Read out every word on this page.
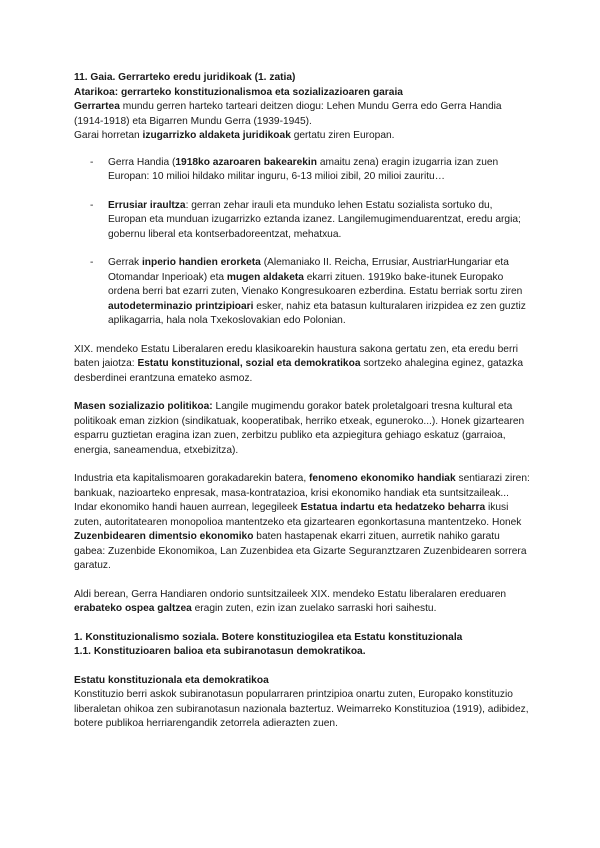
11. Gaia. Gerrarteko eredu juridikoak (1. zatia)

Atarikoa: gerrarteko konstituzionalismoa eta sozializazioaren garaia

Gerrartea mundu gerren harteko tarteari deitzen diogu: Lehen Mundu Gerra edo Gerra Handia (1914-1918) eta Bigarren Mundu Gerra (1939-1945).

Garai horretan izugarrizko aldaketa juridikoak gertatu ziren Europan.

- Gerra Handia (1918ko azaroaren bakearekin amaitu zena) eragin izugarria izan zuen Europan: 10 milioi hildako militar inguru, 6-13 milioi zibil, 20 milioi zauritu…
- Errusiar iraultza: gerran zehar irauli eta munduko lehen Estatu sozialista sortuko du, Europan eta munduan izugarrizko eztanda izanez. Langilemugimenduarentzat, eredu argia; gobernu liberal eta kontserbadoreentzat, mehatxua.
- Gerrak inperio handien erorketa (Alemaniako II. Reicha, Errusiar, AustriarHungariar eta Otomandar Inperioak) eta mugen aldaketa ekarri zituen. 1919ko bake-itunek Europako ordena berri bat ezarri zuten, Vienako Kongresukoaren ezberdina. Estatu berriak sortu ziren autodeterminazio printzipioari esker, nahiz eta batasun kulturalaren irizpidea ez zen guztiz aplikagarria, hala nola Txekoslovakian edo Polonian.

XIX. mendeko Estatu Liberalaren eredu klasikoarekin haustura sakona gertatu zen, eta eredu berri baten jaiotza: Estatu konstituzional, sozial eta demokratikoa sortzeko ahalegina eginez, gatazka desberdinei erantzuna emateko asmoz.

Masen sozializazio politikoa: Langile mugimendu gorakor batek proletalgoari tresna kultural eta politikoak eman zizkion (sindikatuak, kooperatibak, herriko etxeak, eguneroko...). Honek gizartearen esparru guztietan eragina izan zuen, zerbitzu publiko eta azpiegitura gehiago eskatuz (garraioa, energia, saneamendua, etxebizitza).

Industria eta kapitalismoaren gorakadarekin batera, fenomeno ekonomiko handiak sentiarazi ziren: bankuak, nazioarteko enpresak, masa-kontratazioa, krisi ekonomiko handiak eta suntsitzaileak... Indar ekonomiko handi hauen aurrean, legegileek Estatua indartu eta hedatzeko beharra ikusi zuten, autoritatearen monopolioa mantentzeko eta gizartearen egonkortasuna mantentzeko. Honek Zuzenbidearen dimentsio ekonomiko baten hastapenak ekarri zituen, aurretik nahiko garatu gabea: Zuzenbide Ekonomikoa, Lan Zuzenbidea eta Gizarte Seguranztzaren Zuzenbidearen sorrera garatuz.

Aldi berean, Gerra Handiaren ondorio suntsitzaileek XIX. mendeko Estatu liberalaren ereduaren erabateko ospea galtzea eragin zuten, ezin izan zuelako sarraski hori saihestu.

1. Konstituzionalismo soziala. Botere konstituziogilea eta Estatu konstituzionala

1.1. Konstituzioaren balioa eta subiranotasun demokratikoa.

Estatu konstituzionala eta demokratikoa

Konstituzio berri askok subiranotasun popularraren printzipioa onartu zuten, Europako konstituzio liberaletan ohikoa zen subiranotasun nazionala baztertuz. Weimarreko Konstituzioa (1919), adibidez, botere publikoa herriarengandik zetorrela adierazten zuen.
